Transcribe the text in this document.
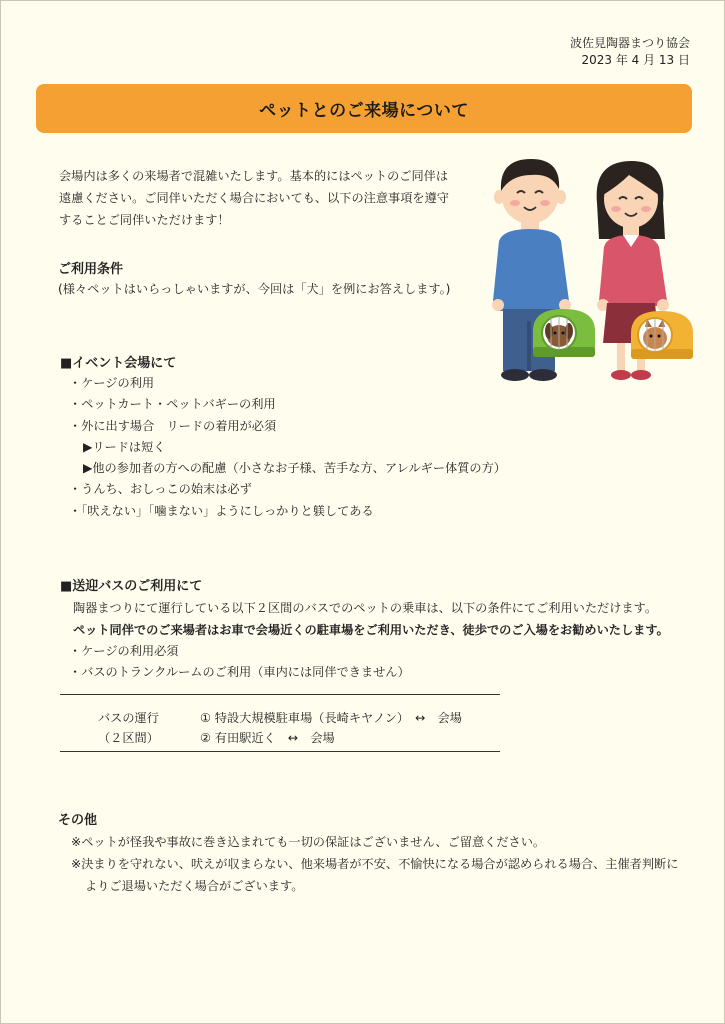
波佐見陶器まつり協会
2023 年 4 月 13 日
ペットとのご来場について

会場内は多くの来場者で混雑いたします。基本的にはペットのご同伴は

遠慮ください。ご同伴いただく場合においても、以下の注意事項を遵守

することご同伴いただけます！

ご利用条件
(様々ペットはいらっしゃいますが、今回は「犬」を例にお答えします。)
■イベント会場にて
・ケージの利用
・ペットカート・ペットバギーの利用
・外に出す場合　リードの着用が必須
▶リードは短く
▶他の参加者の方への配慮（小さなお子様、苦手な方、アレルギー体質の方）
・うんち、おしっこの始末は必ず
・「吠えない」「噛まない」ようにしっかりと躾してある
■送迎バスのご利用にて
陶器まつりにて運行している以下２区間のバスでのペットの乗車は、以下の条件にてご利用いただけます。
ペット同伴でのご来場者はお車で会場近くの駐車場をご利用いただき、徒歩でのご入場をお勧めいたします。
・ケージの利用必須
・バスのトランクルームのご利用（車内には同伴できません）
バスの運行
（２区間）
① 特設大規模駐車場（長崎キヤノン）　↔　会場
② 有田駅近く　↔　会場
その他

※ペットが怪我や事故に巻き込まれても一切の保証はございません、ご留意ください。

※決まりを守れない、吠えが収まらない、他来場者が不安、不愉快になる場合が認められる場合、主催者判断に

よりご退場いただく場合がございます。
